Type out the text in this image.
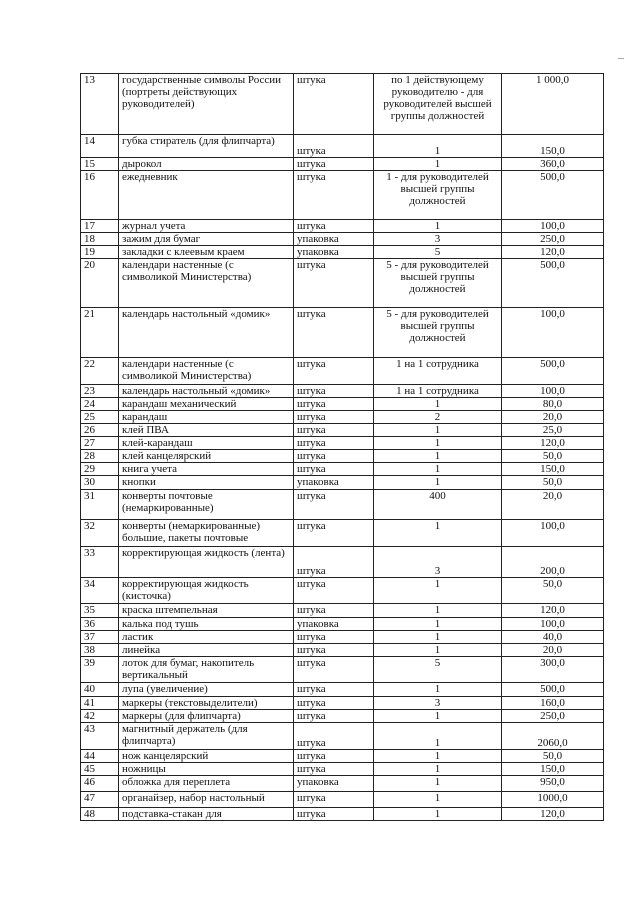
13	государственные символы России (портреты действующих руководителей)	штука	по 1 действующему руководителю - для руководителей высшей группы должностей	1 000,0
14	губка стиратель (для флипчарта)	штука	1	150,0
15	дырокол	штука	1	360,0
16	ежедневник	штука	1 - для руководителей высшей группы должностей	500,0
17	журнал учета	штука	1	100,0
18	зажим для бумаг	упаковка	3	250,0
19	закладки с клеевым краем	упаковка	5	120,0
20	календари настенные (с символикой Министерства)	штука	5 - для руководителей высшей группы должностей	500,0
21	календарь настольный «домик»	штука	5 - для руководителей высшей группы должностей	100,0
22	календари настенные (с символикой Министерства)	штука	1 на 1 сотрудника	500,0
23	календарь настольный «домик»	штука	1 на 1 сотрудника	100,0
24	карандаш механический	штука	1	80,0
25	карандаш	штука	2	20,0
26	клей ПВА	штука	1	25,0
27	клей-карандаш	штука	1	120,0
28	клей канцелярский	штука	1	50,0
29	книга учета	штука	1	150,0
30	кнопки	упаковка	1	50,0
31	конверты почтовые (немаркированные)	штука	400	20,0
32	конверты (немаркированные) большие, пакеты почтовые	штука	1	100,0
33	корректирующая жидкость (лента)	штука	3	200,0
34	корректирующая жидкость (кисточка)	штука	1	50,0
35	краска штемпельная	штука	1	120,0
36	калька под тушь	упаковка	1	100,0
37	ластик	штука	1	40,0
38	линейка	штука	1	20,0
39	лоток для бумаг, накопитель вертикальный	штука	5	300,0
40	лупа (увеличение)	штука	1	500,0
41	маркеры (текстовыделители)	штука	3	160,0
42	маркеры (для флипчарта)	штука	1	250,0
43	магнитный держатель (для флипчарта)	штука	1	2060,0
44	нож канцелярский	штука	1	50,0
45	ножницы	штука	1	150,0
46	обложка для переплета	упаковка	1	950,0
47	органайзер, набор настольный	штука	1	1000,0
48	подставка-стакан для	штука	1	120,0
